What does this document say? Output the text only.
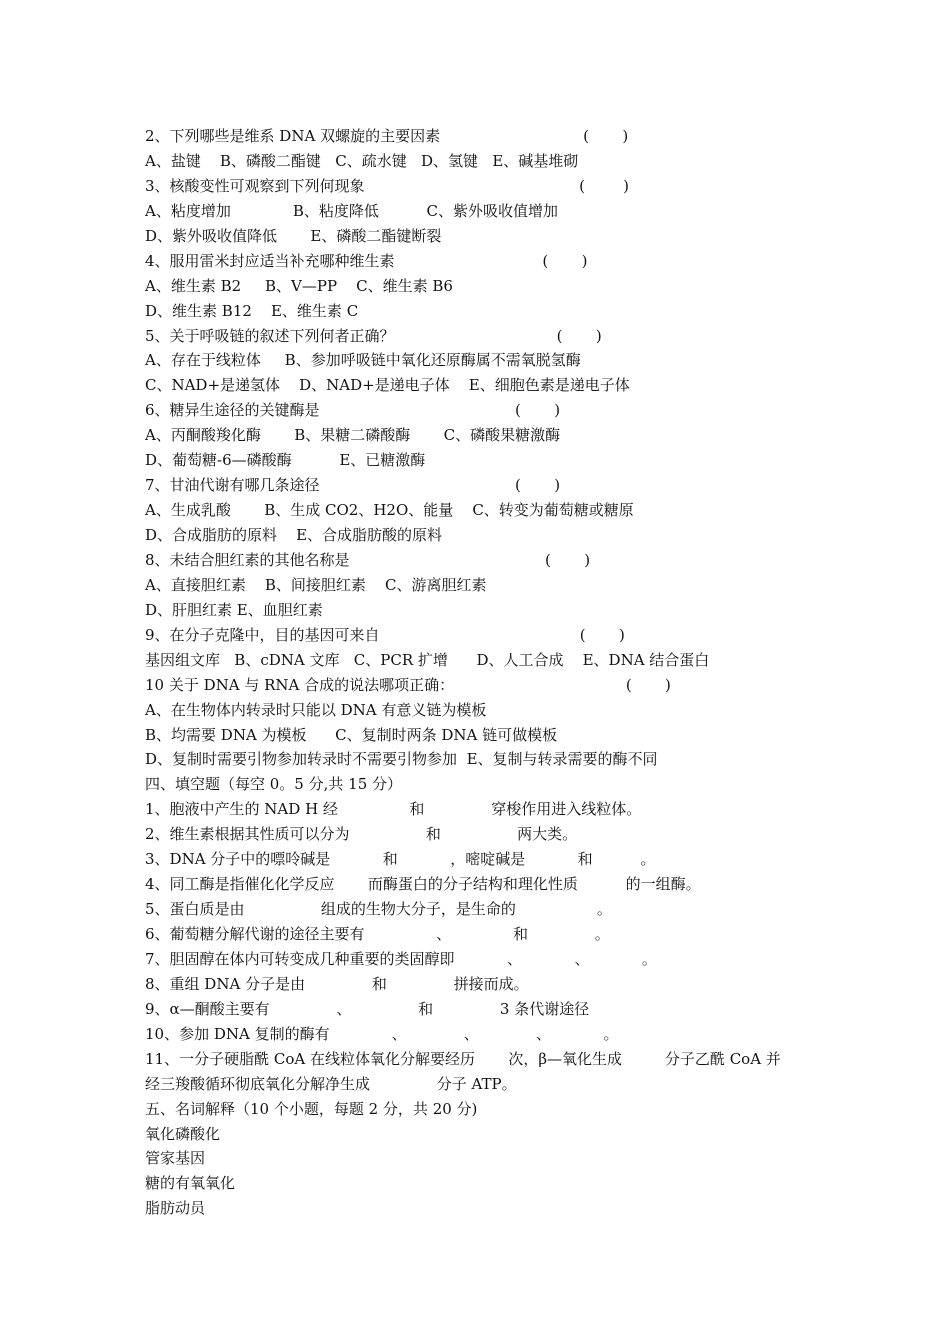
2、下列哪些是维系 DNA 双螺旋的主要因素                              (       )
A、盐键    B、磷酸二酯键   C、疏水键   D、氢键   E、碱基堆砌
3、核酸变性可观察到下列何现象                                             (        )
A、粘度增加             B、粘度降低          C、紫外吸收值增加
D、紫外吸收值降低       E、磷酸二酯键断裂
4、服用雷米封应适当补充哪种维生素                               (       )
A、维生素 B2     B、V—PP    C、维生素 B6
D、维生素 B12    E、维生素 C
5、关于呼吸链的叙述下列何者正确？                                  (       )
A、存在于线粒体     B、参加呼吸链中氧化还原酶属不需氧脱氢酶
C、NAD+是递氢体    D、NAD+是递电子体    E、细胞色素是递电子体
6、糖异生途径的关键酶是                                         (       )
A、丙酮酸羧化酶       B、果糖二磷酸酶       C、磷酸果糖激酶
D、葡萄糖-6—磷酸酶          E、已糖激酶
7、甘油代谢有哪几条途径                                         (       )
A、生成乳酸       B、生成 CO2、H2O、能量    C、转变为葡萄糖或糖原
D、合成脂肪的原料    E、合成脂肪酸的原料
8、未结合胆红素的其他名称是                                         (       )
A、直接胆红素    B、间接胆红素    C、游离胆红素
D、肝胆红素 E、血胆红素
9、在分子克隆中，目的基因可来自                                          (       )
基因组文库   B、cDNA 文库   C、PCR 扩增      D、人工合成    E、DNA 结合蛋白
10 关于 DNA 与 RNA 合成的说法哪项正确：                                    (       )
A、在生物体内转录时只能以 DNA 有意义链为模板
B、均需要 DNA 为模板      C、复制时两条 DNA 链可做模板
D、复制时需要引物参加转录时不需要引物参加  E、复制与转录需要的酶不同
四、填空题（每空 0。5 分,共 15 分）
1、胞液中产生的 NAD H 经               和              穿梭作用进入线粒体。
2、维生素根据其性质可以分为                和                两大类。
3、DNA 分子中的嘌呤碱是           和           ，嘧啶碱是           和          。
4、同工酶是指催化化学反应       而酶蛋白的分子结构和理化性质          的一组酶。
5、蛋白质是由                组成的生物大分子，是生命的                 。
6、葡萄糖分解代谢的途径主要有               、             和              。
7、胆固醇在体内可转变成几种重要的类固醇即           、           、           。
8、重组 DNA 分子是由              和              拼接而成。
9、α—酮酸主要有              、              和              3 条代谢途径
10、参加 DNA 复制的酶有             、            、            、           。
11、一分子硬脂酰 CoA 在线粒体氧化分解要经历       次，β—氧化生成         分子乙酰 CoA 并
经三羧酸循环彻底氧化分解净生成              分子 ATP。
五、名词解释（10 个小题，每题 2 分，共 20 分)
氧化磷酸化
管家基因
糖的有氧氧化
脂肪动员
